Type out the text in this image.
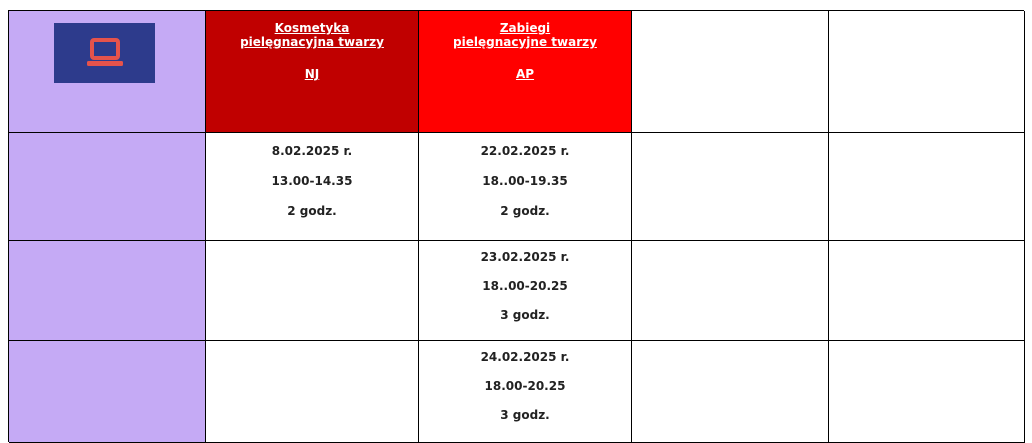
Kosmetyka
pielęgnacyjna twarzy
NJ
Zabiegi
pielęgnacyjne twarzy
AP
8.02.2025 r.
13.00-14.35
2 godz.
22.02.2025 r.
18..00-19.35
2 godz.
23.02.2025 r.
18..00-20.25
3 godz.
24.02.2025 r.
18.00-20.25
3 godz.
